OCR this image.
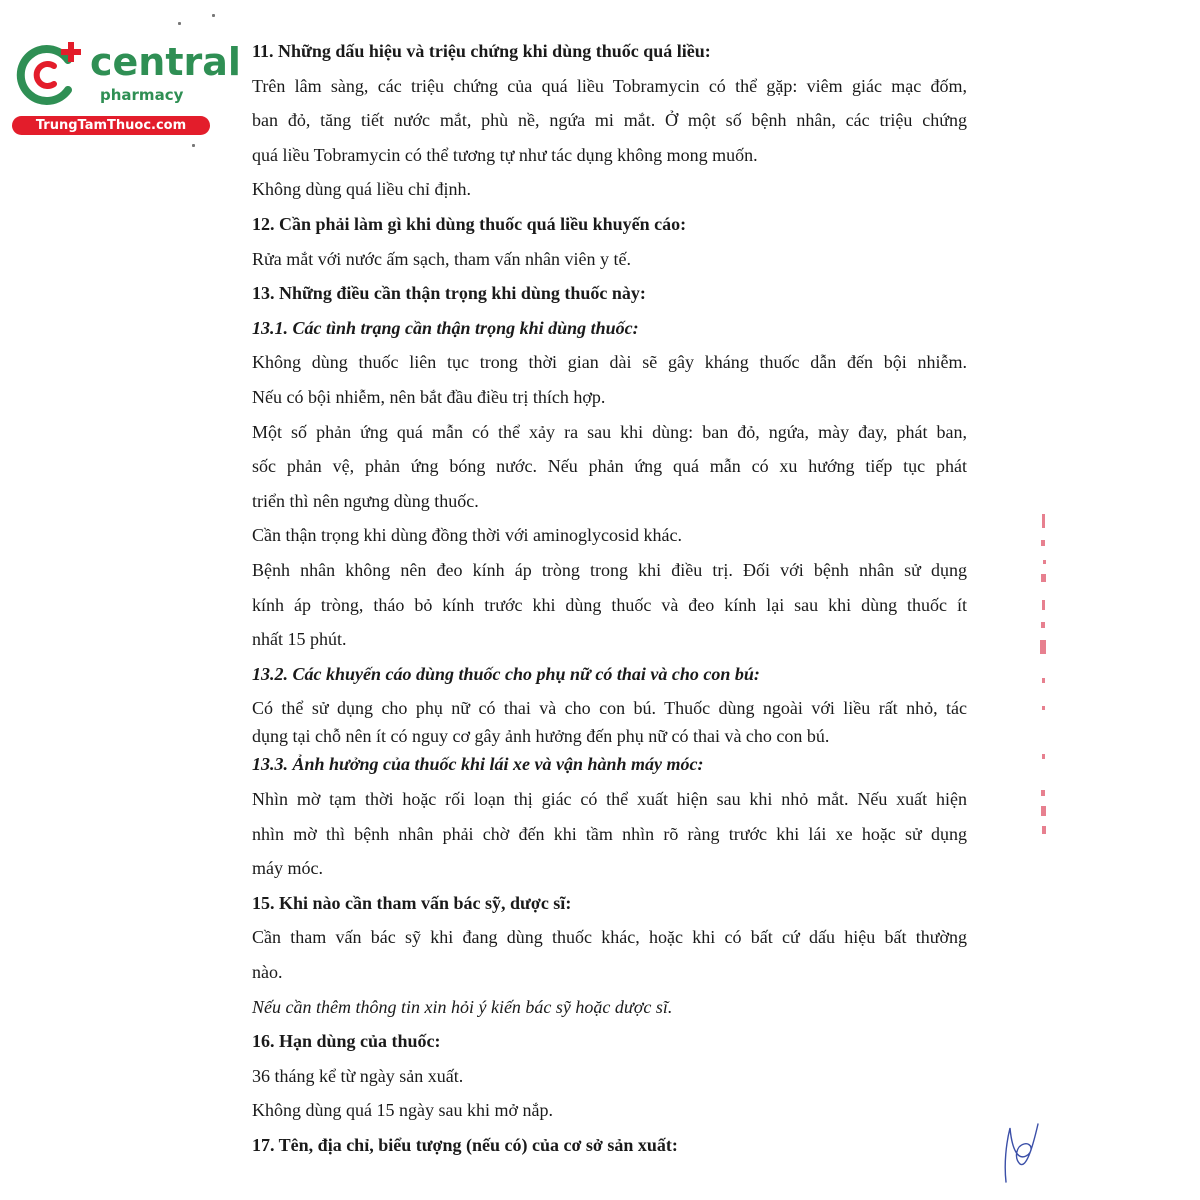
central
pharmacy
TrungTamThuoc.com
11. Những dấu hiệu và triệu chứng khi dùng thuốc quá liều:
Trên lâm sàng, các triệu chứng của quá liều Tobramycin có thể gặp: viêm giác mạc đốm,
ban đỏ, tăng tiết nước mắt, phù nề, ngứa mi mắt. Ở một số bệnh nhân, các triệu chứng
quá liều Tobramycin có thể tương tự như tác dụng không mong muốn.
Không dùng quá liều chỉ định.
12. Cần phải làm gì khi dùng thuốc quá liều khuyến cáo:
Rửa mắt với nước ấm sạch, tham vấn nhân viên y tế.
13. Những điều cần thận trọng khi dùng thuốc này:
13.1. Các tình trạng cần thận trọng khi dùng thuốc:
Không dùng thuốc liên tục trong thời gian dài sẽ gây kháng thuốc dẫn đến bội nhiễm.
Nếu có bội nhiễm, nên bắt đầu điều trị thích hợp.
Một số phản ứng quá mẫn có thể xảy ra sau khi dùng: ban đỏ, ngứa, mày đay, phát ban,
sốc phản vệ, phản ứng bóng nước. Nếu phản ứng quá mẫn có xu hướng tiếp tục phát
triển thì nên ngưng dùng thuốc.
Cần thận trọng khi dùng đồng thời với aminoglycosid khác.
Bệnh nhân không nên đeo kính áp tròng trong khi điều trị. Đối với bệnh nhân sử dụng
kính áp tròng, tháo bỏ kính trước khi dùng thuốc và đeo kính lại sau khi dùng thuốc ít
nhất 15 phút.
13.2. Các khuyến cáo dùng thuốc cho phụ nữ có thai và cho con bú:
Có thể sử dụng cho phụ nữ có thai và cho con bú. Thuốc dùng ngoài với liều rất nhỏ, tác
dụng tại chỗ nên ít có nguy cơ gây ảnh hưởng đến phụ nữ có thai và cho con bú.
13.3. Ảnh hưởng của thuốc khi lái xe và vận hành máy móc:
Nhìn mờ tạm thời hoặc rối loạn thị giác có thể xuất hiện sau khi nhỏ mắt. Nếu xuất hiện
nhìn mờ thì bệnh nhân phải chờ đến khi tầm nhìn rõ ràng trước khi lái xe hoặc sử dụng
máy móc.
15. Khi nào cần tham vấn bác sỹ, dược sĩ:
Cần tham vấn bác sỹ khi đang dùng thuốc khác, hoặc khi có bất cứ dấu hiệu bất thường
nào.
Nếu cần thêm thông tin xin hỏi ý kiến bác sỹ hoặc dược sĩ.
16. Hạn dùng của thuốc:
36 tháng kể từ ngày sản xuất.
Không dùng quá 15 ngày sau khi mở nắp.
17. Tên, địa chỉ, biểu tượng (nếu có) của cơ sở sản xuất:
